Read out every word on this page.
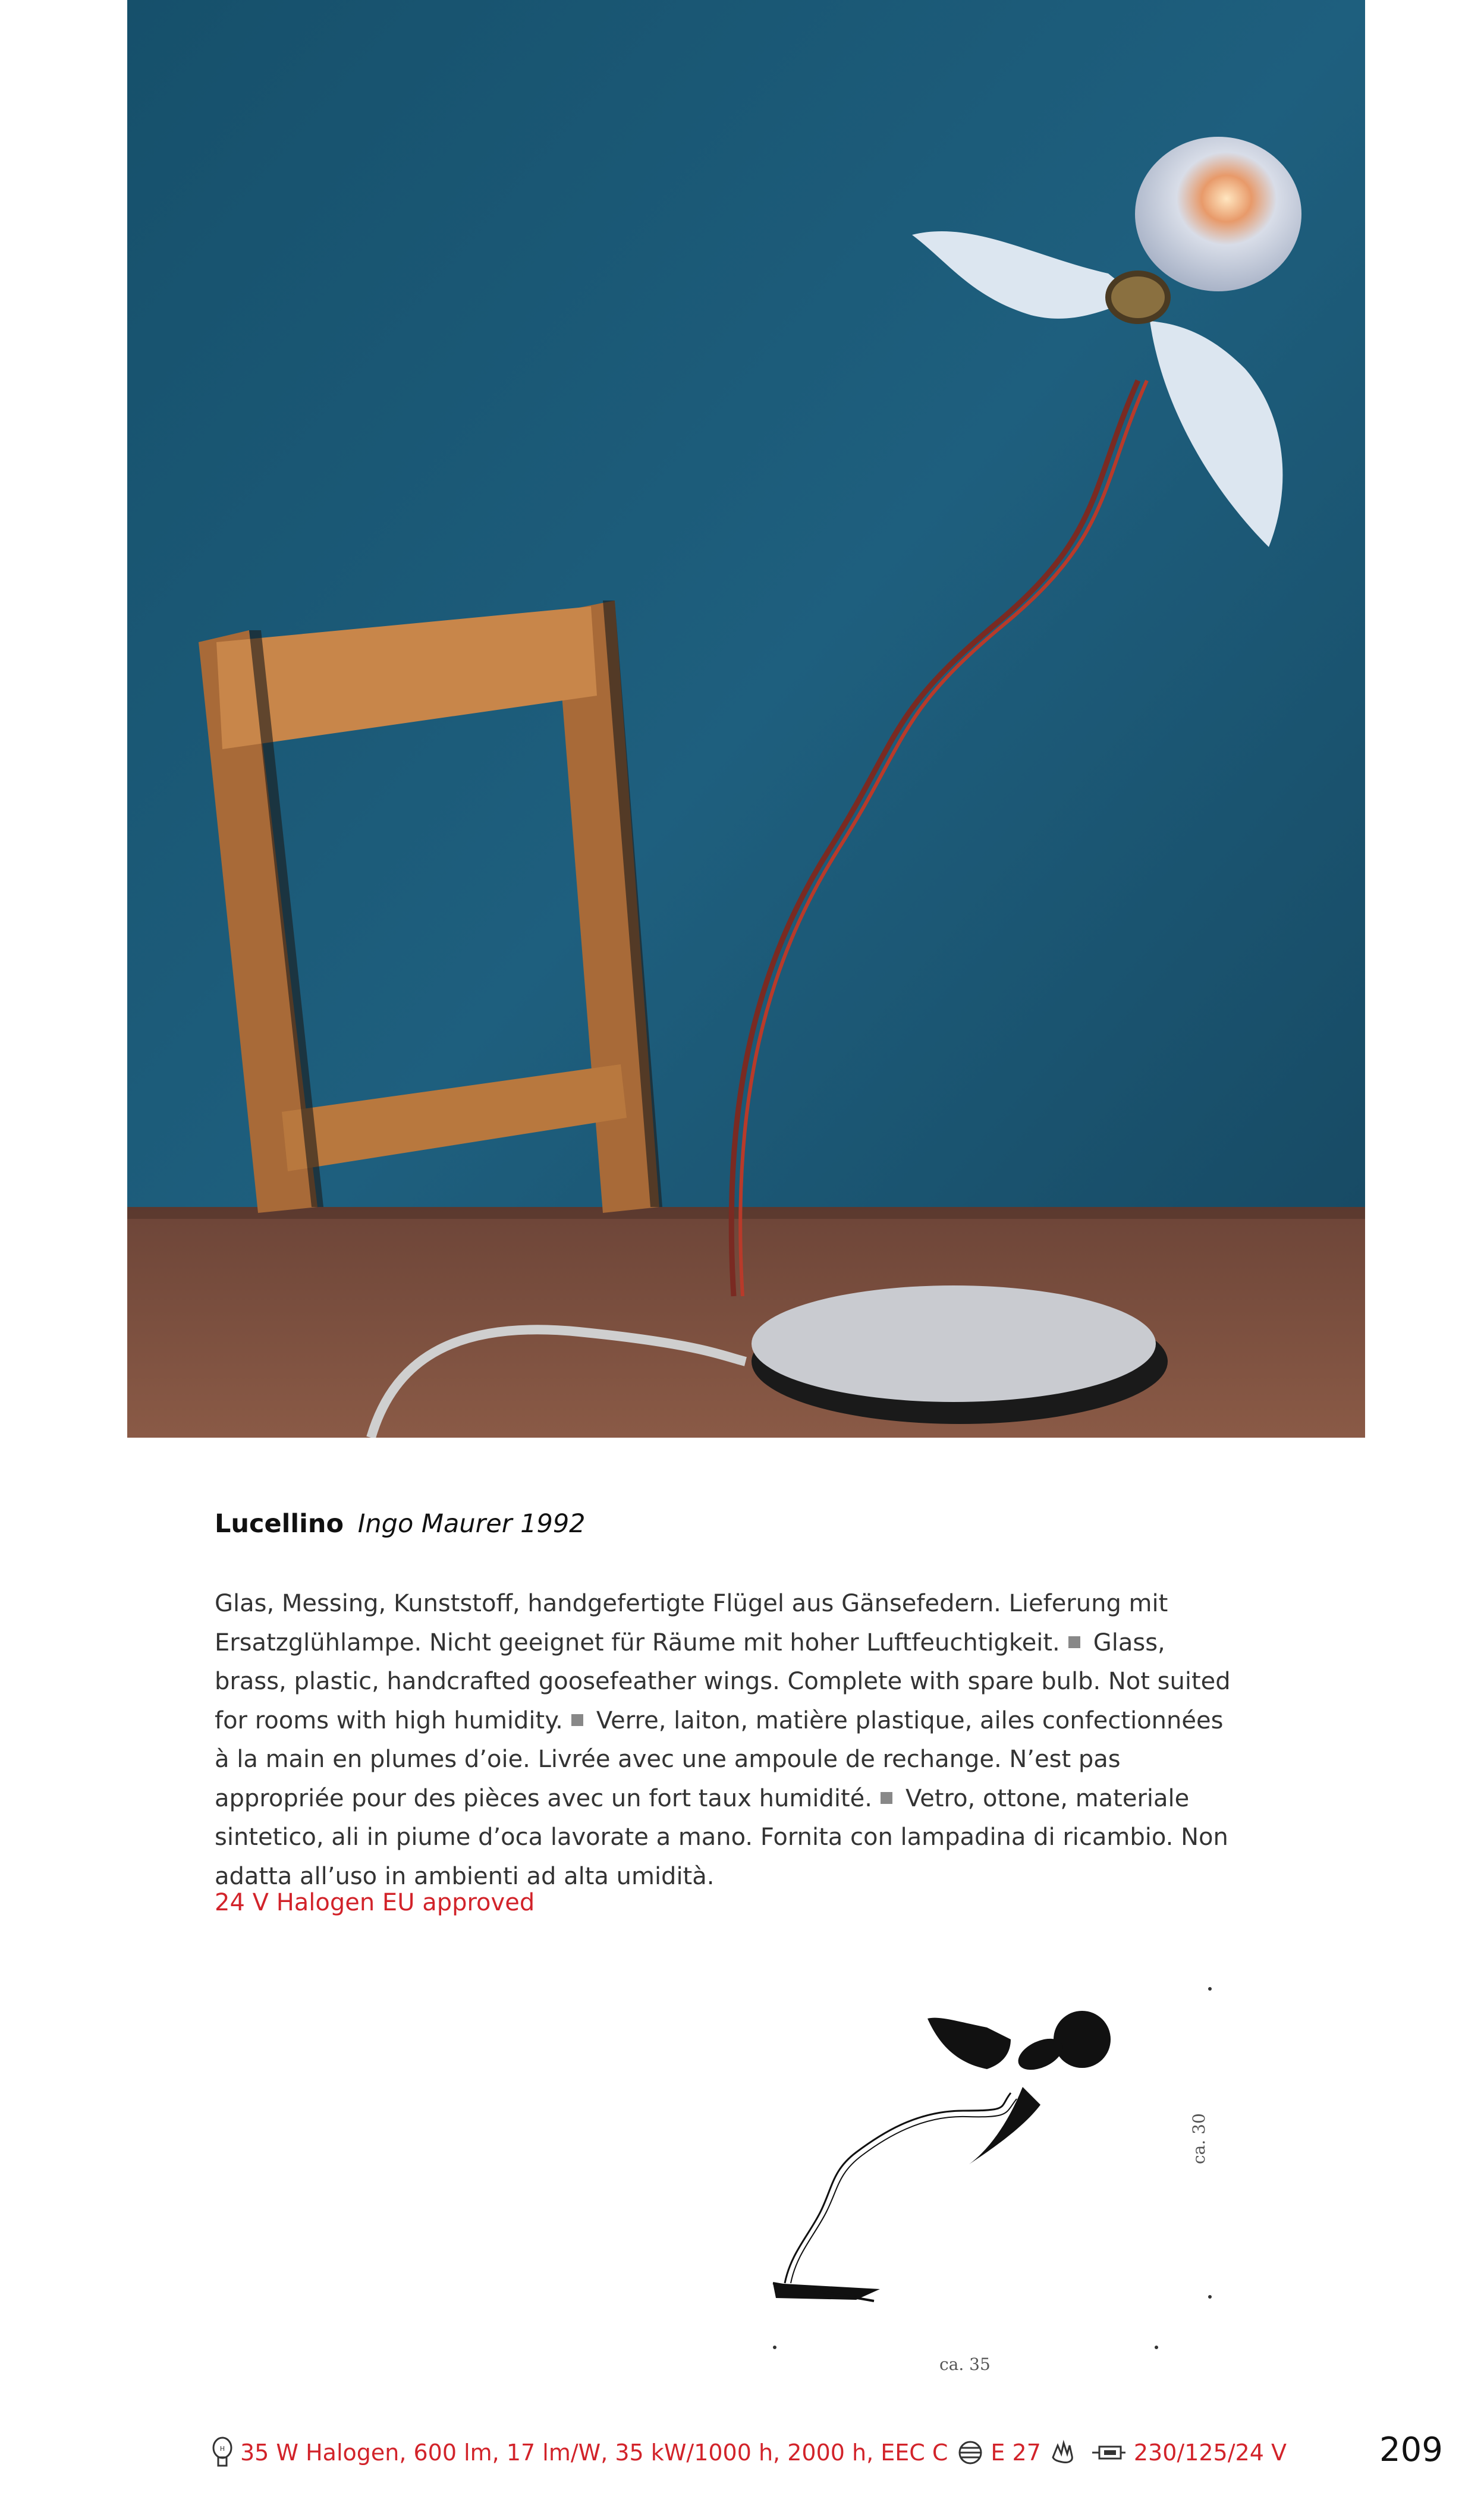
Lucellino Ingo Maurer 1992

Glas, Messing, Kunststoff, handgefertigte Flügel aus Gänsefedern. Lieferung mit Ersatzglühlampe. Nicht geeignet für Räume mit hoher Luftfeuchtigkeit. Glass, brass, plastic, handcrafted goosefeather wings. Complete with spare bulb. Not suited for rooms with high humidity. Verre, laiton, matière plastique, ailes confectionnées à la main en plumes d’oie. Livrée avec une ampoule de rechange. N’est pas appropriée pour des pièces avec un fort taux humidité. Vetro, ottone, materiale sintetico, ali in piume d’oca lavorate a mano. Fornita con lampadina di ricambio. Non adatta all’uso in ambienti ad alta umidità.

24 V Halogen EU approved
ca. 35
ca. 30
H 35 W Halogen, 600 lm, 17 lm/W, 35 kW/1000 h, 2000 h, EEC C E 27	230/125/24 V	209
